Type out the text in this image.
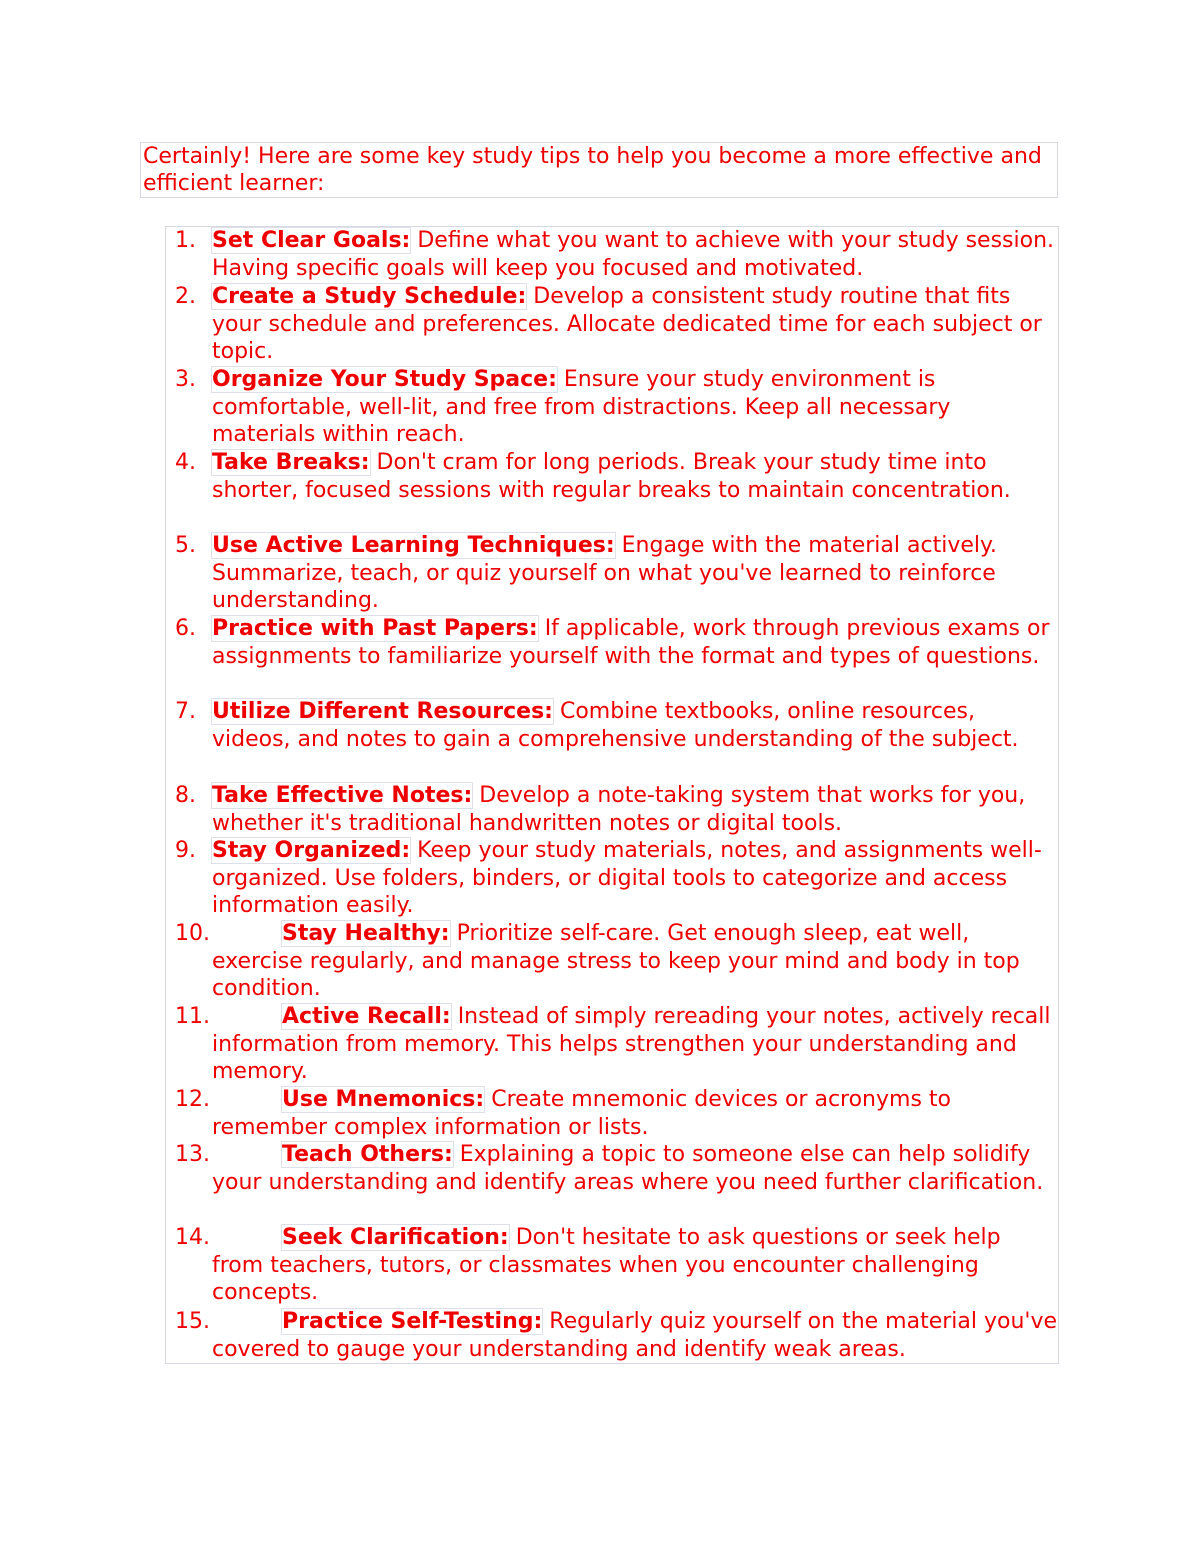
Certainly! Here are some key study tips to help you become a more effective and efficient learner:
1. Set Clear Goals: Define what you want to achieve with your study session. Having specific goals will keep you focused and motivated.
2. Create a Study Schedule: Develop a consistent study routine that fits your schedule and preferences. Allocate dedicated time for each subject or topic.
3. Organize Your Study Space: Ensure your study environment is comfortable, well-lit, and free from distractions. Keep all necessary materials within reach.
4. Take Breaks: Don't cram for long periods. Break your study time into shorter, focused sessions with regular breaks to maintain concentration.
5. Use Active Learning Techniques: Engage with the material actively. Summarize, teach, or quiz yourself on what you've learned to reinforce understanding.
6. Practice with Past Papers: If applicable, work through previous exams or assignments to familiarize yourself with the format and types of questions.
7. Utilize Different Resources: Combine textbooks, online resources, videos, and notes to gain a comprehensive understanding of the subject.
8. Take Effective Notes: Develop a note-taking system that works for you, whether it's traditional handwritten notes or digital tools.
9. Stay Organized: Keep your study materials, notes, and assignments well-organized. Use folders, binders, or digital tools to categorize and access information easily.
10.	Stay Healthy: Prioritize self-care. Get enough sleep, eat well, exercise regularly, and manage stress to keep your mind and body in top condition.
11.	Active Recall: Instead of simply rereading your notes, actively recall information from memory. This helps strengthen your understanding and memory.
12.	Use Mnemonics: Create mnemonic devices or acronyms to remember complex information or lists.
13.	Teach Others: Explaining a topic to someone else can help solidify your understanding and identify areas where you need further clarification.
14.	Seek Clarification: Don't hesitate to ask questions or seek help from teachers, tutors, or classmates when you encounter challenging concepts.
15.	Practice Self-Testing: Regularly quiz yourself on the material you've covered to gauge your understanding and identify weak areas.
